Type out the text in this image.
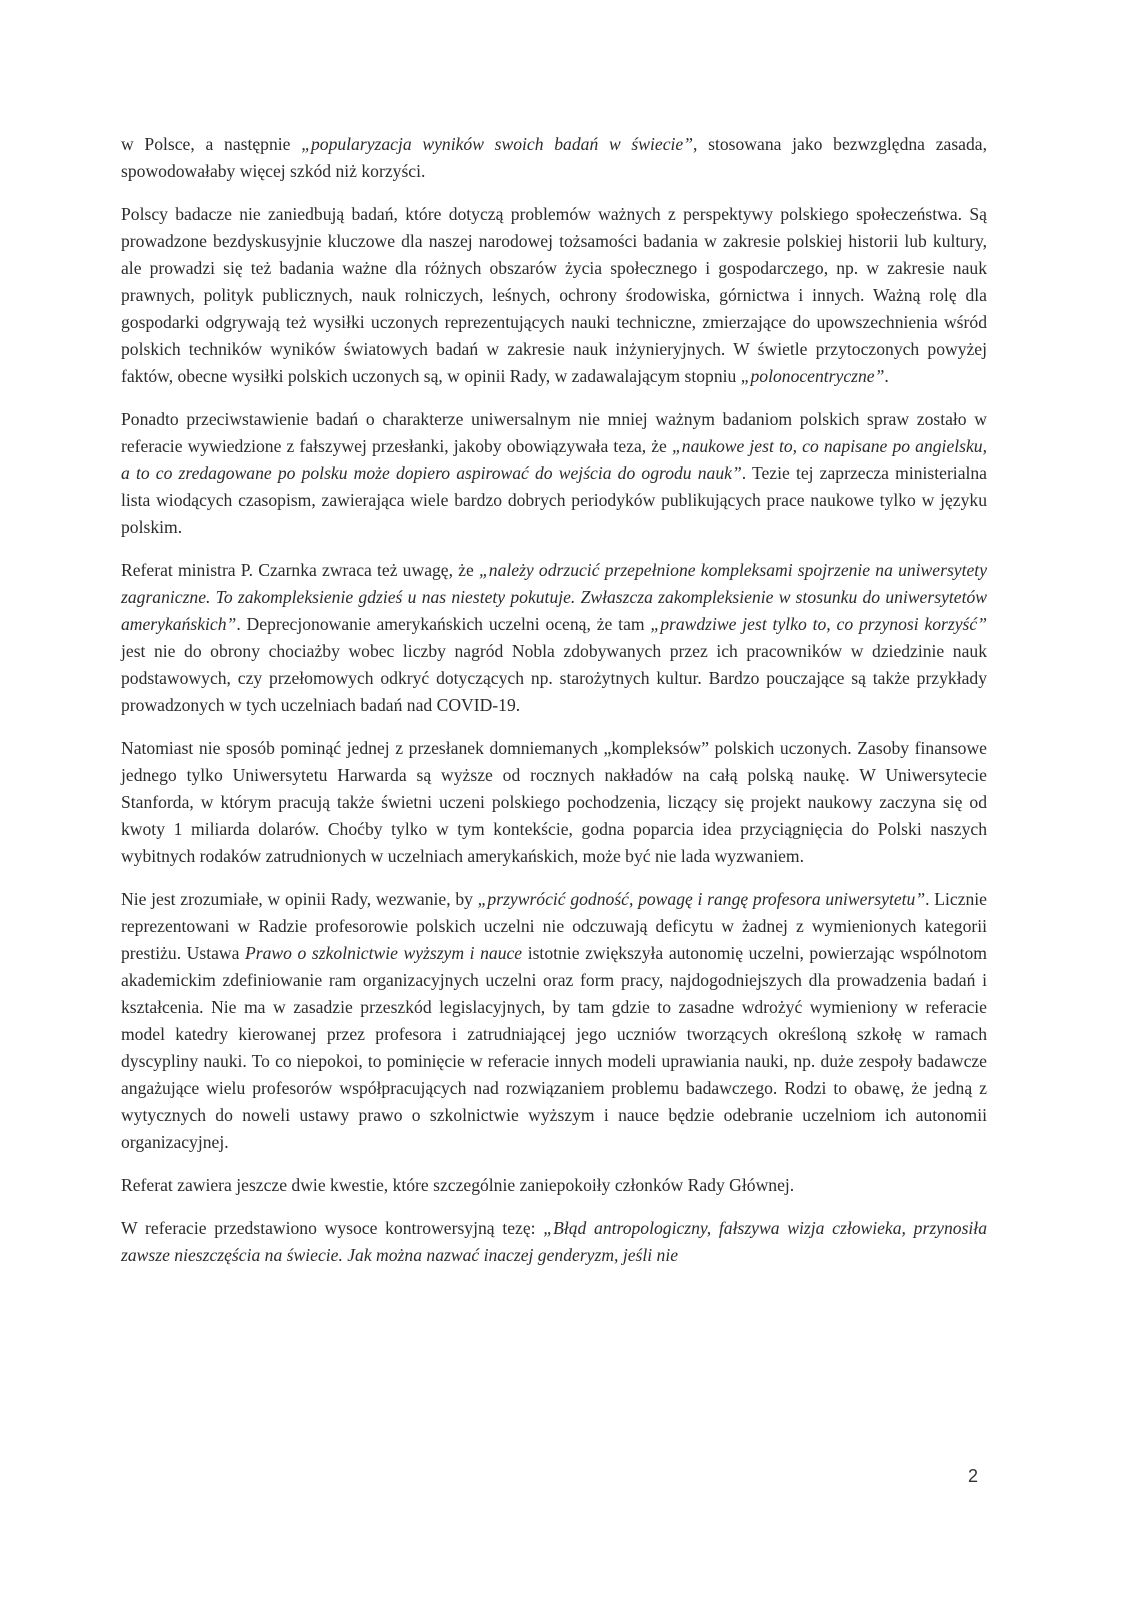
w Polsce, a następnie „popularyzacja wyników swoich badań w świecie”, stosowana jako bezwzględna zasada, spowodowałaby więcej szkód niż korzyści.

Polscy badacze nie zaniedbują badań, które dotyczą problemów ważnych z perspektywy polskiego społeczeństwa. Są prowadzone bezdyskusyjnie kluczowe dla naszej narodowej tożsamości badania w zakresie polskiej historii lub kultury, ale prowadzi się też badania ważne dla różnych obszarów życia społecznego i gospodarczego, np. w zakresie nauk prawnych, polityk publicznych, nauk rolniczych, leśnych, ochrony środowiska, górnictwa i innych. Ważną rolę dla gospodarki odgrywają też wysiłki uczonych reprezentujących nauki techniczne, zmierzające do upowszechnienia wśród polskich techników wyników światowych badań w zakresie nauk inżynieryjnych. W świetle przytoczonych powyżej faktów, obecne wysiłki polskich uczonych są, w opinii Rady, w zadawalającym stopniu „polonocentryczne”.

Ponadto przeciwstawienie badań o charakterze uniwersalnym nie mniej ważnym badaniom polskich spraw zostało w referacie wywiedzione z fałszywej przesłanki, jakoby obowiązywała teza, że „naukowe jest to, co napisane po angielsku, a to co zredagowane po polsku może dopiero aspirować do wejścia do ogrodu nauk”. Tezie tej zaprzecza ministerialna lista wiodących czasopism, zawierająca wiele bardzo dobrych periodyków publikujących prace naukowe tylko w języku polskim.

Referat ministra P. Czarnka zwraca też uwagę, że „należy odrzucić przepełnione kompleksami spojrzenie na uniwersytety zagraniczne. To zakompleksienie gdzieś u nas niestety pokutuje. Zwłaszcza zakompleksienie w stosunku do uniwersytetów amerykańskich”. Deprecjonowanie amerykańskich uczelni oceną, że tam „prawdziwe jest tylko to, co przynosi korzyść” jest nie do obrony chociażby wobec liczby nagród Nobla zdobywanych przez ich pracowników w dziedzinie nauk podstawowych, czy przełomowych odkryć dotyczących np. starożytnych kultur. Bardzo pouczające są także przykłady prowadzonych w tych uczelniach badań nad COVID-19.

Natomiast nie sposób pominąć jednej z przesłanek domniemanych „kompleksów” polskich uczonych. Zasoby finansowe jednego tylko Uniwersytetu Harwarda są wyższe od rocznych nakładów na całą polską naukę. W Uniwersytecie Stanforda, w którym pracują także świetni uczeni polskiego pochodzenia, liczący się projekt naukowy zaczyna się od kwoty 1 miliarda dolarów. Choćby tylko w tym kontekście, godna poparcia idea przyciągnięcia do Polski naszych wybitnych rodaków zatrudnionych w uczelniach amerykańskich, może być nie lada wyzwaniem.

Nie jest zrozumiałe, w opinii Rady, wezwanie, by „przywrócić godność, powagę i rangę profesora uniwersytetu”. Licznie reprezentowani w Radzie profesorowie polskich uczelni nie odczuwają deficytu w żadnej z wymienionych kategorii prestiżu. Ustawa Prawo o szkolnictwie wyższym i nauce istotnie zwiększyła autonomię uczelni, powierzając wspólnotom akademickim zdefiniowanie ram organizacyjnych uczelni oraz form pracy, najdogodniejszych dla prowadzenia badań i kształcenia. Nie ma w zasadzie przeszkód legislacyjnych, by tam gdzie to zasadne wdrożyć wymieniony w referacie model katedry kierowanej przez profesora i zatrudniającej jego uczniów tworzących określoną szkołę w ramach dyscypliny nauki. To co niepokoi, to pominięcie w referacie innych modeli uprawiania nauki, np. duże zespoły badawcze angażujące wielu profesorów współpracujących nad rozwiązaniem problemu badawczego. Rodzi to obawę, że jedną z wytycznych do noweli ustawy prawo o szkolnictwie wyższym i nauce będzie odebranie uczelniom ich autonomii organizacyjnej.

Referat zawiera jeszcze dwie kwestie, które szczególnie zaniepokoiły członków Rady Głównej.

W referacie przedstawiono wysoce kontrowersyjną tezę: „Błąd antropologiczny, fałszywa wizja człowieka, przynosiła zawsze nieszczęścia na świecie. Jak można nazwać inaczej genderyzm, jeśli nie

2
